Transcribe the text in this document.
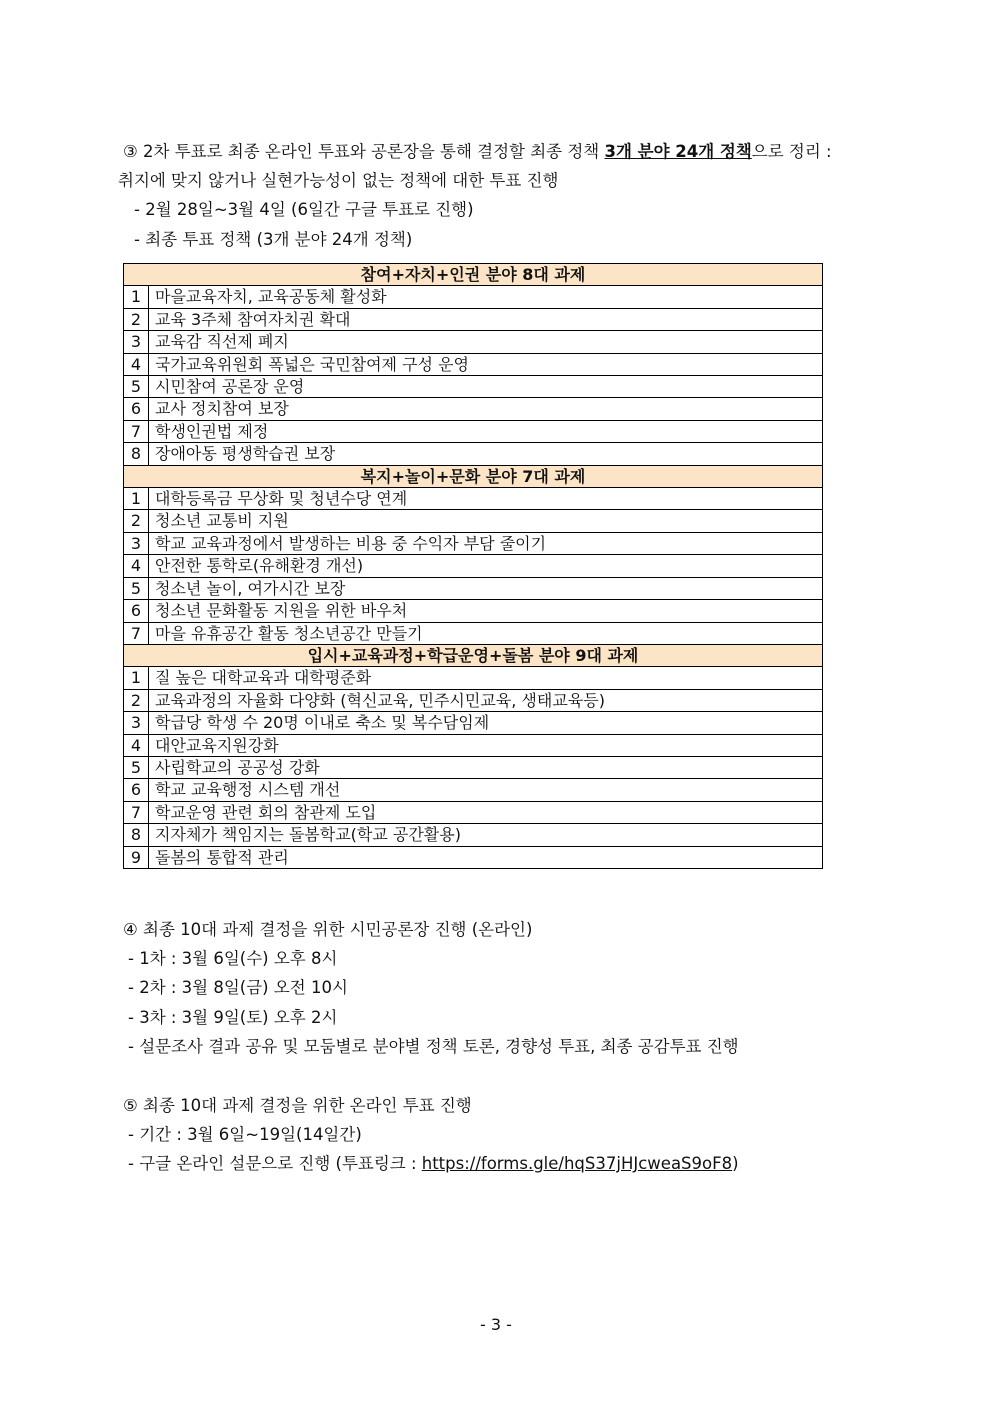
③ 2차 투표로 최종 온라인 투표와 공론장을 통해 결정할 최종 정책 3개 분야 24개 정책으로 정리 :
취지에 맞지 않거나 실현가능성이 없는 정책에 대한 투표 진행
- 2월 28일~3월 4일 (6일간 구글 투표로 진행)
- 최종 투표 정책 (3개 분야 24개 정책)
참여+자치+인권 분야 8대 과제	
1	마을교육자치, 교육공동체 활성화
2	교육 3주체 참여자치권 확대
3	교육감 직선제 폐지
4	국가교육위원회 폭넓은 국민참여제 구성 운영
5	시민참여 공론장 운영
6	교사 정치참여 보장
7	학생인권법 제정
8	장애아동 평생학습권 보장
복지+놀이+문화 분야 7대 과제	
1	대학등록금 무상화 및 청년수당 연계
2	청소년 교통비 지원
3	학교 교육과정에서 발생하는 비용 중 수익자 부담 줄이기
4	안전한 통학로(유해환경 개선)
5	청소년 놀이, 여가시간 보장
6	청소년 문화활동 지원을 위한 바우처
7	마을 유휴공간 활동 청소년공간 만들기
입시+교육과정+학급운영+돌봄 분야 9대 과제	
1	질 높은 대학교육과 대학평준화
2	교육과정의 자율화 다양화 (혁신교육, 민주시민교육, 생태교육등)
3	학급당 학생 수 20명 이내로 축소 및 복수담임제
4	대안교육지원강화
5	사립학교의 공공성 강화
6	학교 교육행정 시스템 개선
7	학교운영 관련 회의 참관제 도입
8	지자체가 책임지는 돌봄학교(학교 공간활용)
9	돌봄의 통합적 관리
④ 최종 10대 과제 결정을 위한 시민공론장 진행 (온라인)
- 1차 : 3월 6일(수) 오후 8시
- 2차 : 3월 8일(금) 오전 10시
- 3차 : 3월 9일(토) 오후 2시
- 설문조사 결과 공유 및 모둠별로 분야별 정책 토론, 경향성 투표, 최종 공감투표 진행
⑤ 최종 10대 과제 결정을 위한 온라인 투표 진행
- 기간 : 3월 6일~19일(14일간)
- 구글 온라인 설문으로 진행 (투표링크 : https://forms.gle/hqS37jHJcweaS9oF8)
- 3 -
